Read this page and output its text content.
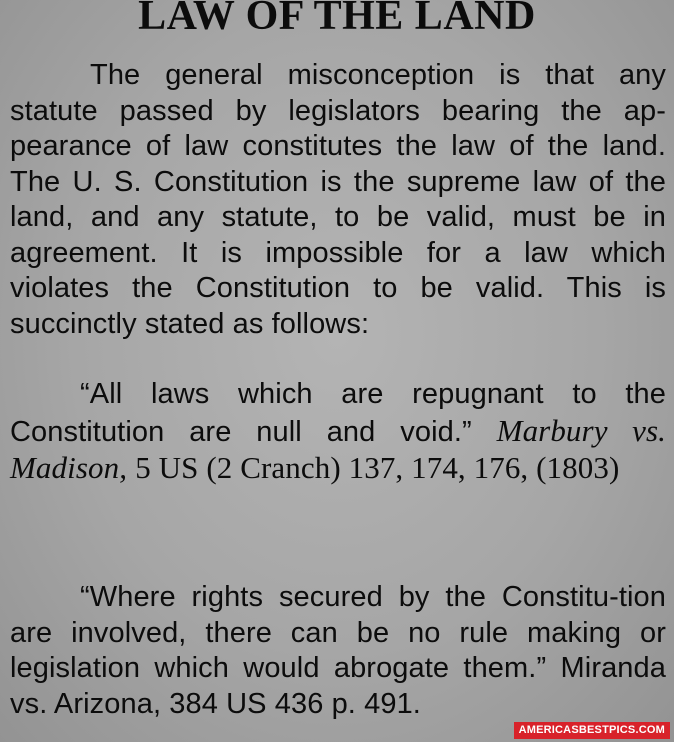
LAW OF THE LAND

The general misconception is that any statute passed by legislators bearing the ap-pearance of law constitutes the law of the land. The U. S. Constitution is the supreme law of the land, and any statute, to be valid, must be in agreement. It is impossible for a law which violates the Constitution to be valid. This is succinctly stated as follows:

“All laws which are repugnant to the Constitution are null and void.” Marbury vs. Madison, 5 US (2 Cranch) 137, 174, 176, (1803)

“Where rights secured by the Constitu-tion are involved, there can be no rule making or legislation which would abrogate them.” Miranda vs. Arizona, 384 US 436 p. 491.

AMERICASBESTPICS.COM
